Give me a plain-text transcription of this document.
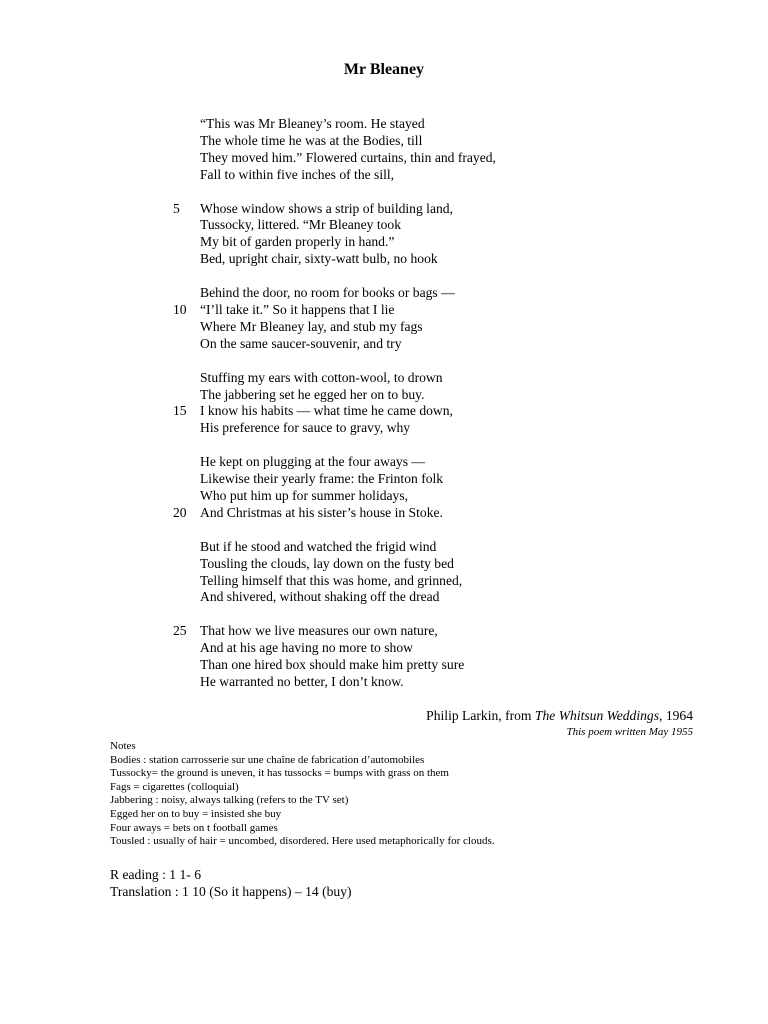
Mr Bleaney
“This was Mr Bleaney’s room. He stayed
The whole time he was at the Bodies, till
They moved him.” Flowered curtains, thin and frayed,
Fall to within five inches of the sill,
5	Whose window shows a strip of building land,
Tussocky, littered. “Mr Bleaney took
My bit of garden properly in hand.”
Bed, upright chair, sixty-watt bulb, no hook
Behind the door, no room for books or bags —
10 “I’ll take it.” So it happens that I lie
Where Mr Bleaney lay, and stub my fags
On the same saucer-souvenir, and try
Stuffing my ears with cotton-wool, to drown
The jabbering set he egged her on to buy.
15 I know his habits — what time he came down,
His preference for sauce to gravy, why
He kept on plugging at the four aways —
Likewise their yearly frame: the Frinton folk
Who put him up for summer holidays,
20 And Christmas at his sister’s house in Stoke.
But if he stood and watched the frigid wind
Tousling the clouds, lay down on the fusty bed
Telling himself that this was home, and grinned,
And shivered, without shaking off the dread
25 That how we live measures our own nature,
And at his age having no more to show
Than one hired box should make him pretty sure
He warranted no better, I don’t know.
Philip Larkin, from The Whitsun Weddings, 1964
This poem written May 1955
Notes
Bodies : station carrosserie sur une chaîne de fabrication d’automobiles
Tussocky= the ground is uneven, it has tussocks = bumps with grass on them
Fags = cigarettes (colloquial)
Jabbering : noisy, always talking (refers to the TV set)
Egged her on to buy = insisted she buy
Four aways = bets on t football games
Tousled : usually of hair = uncombed, disordered. Here used metaphorically for clouds.
R eading : 1 1- 6
Translation : 1 10 (So it happens) – 14 (buy)
